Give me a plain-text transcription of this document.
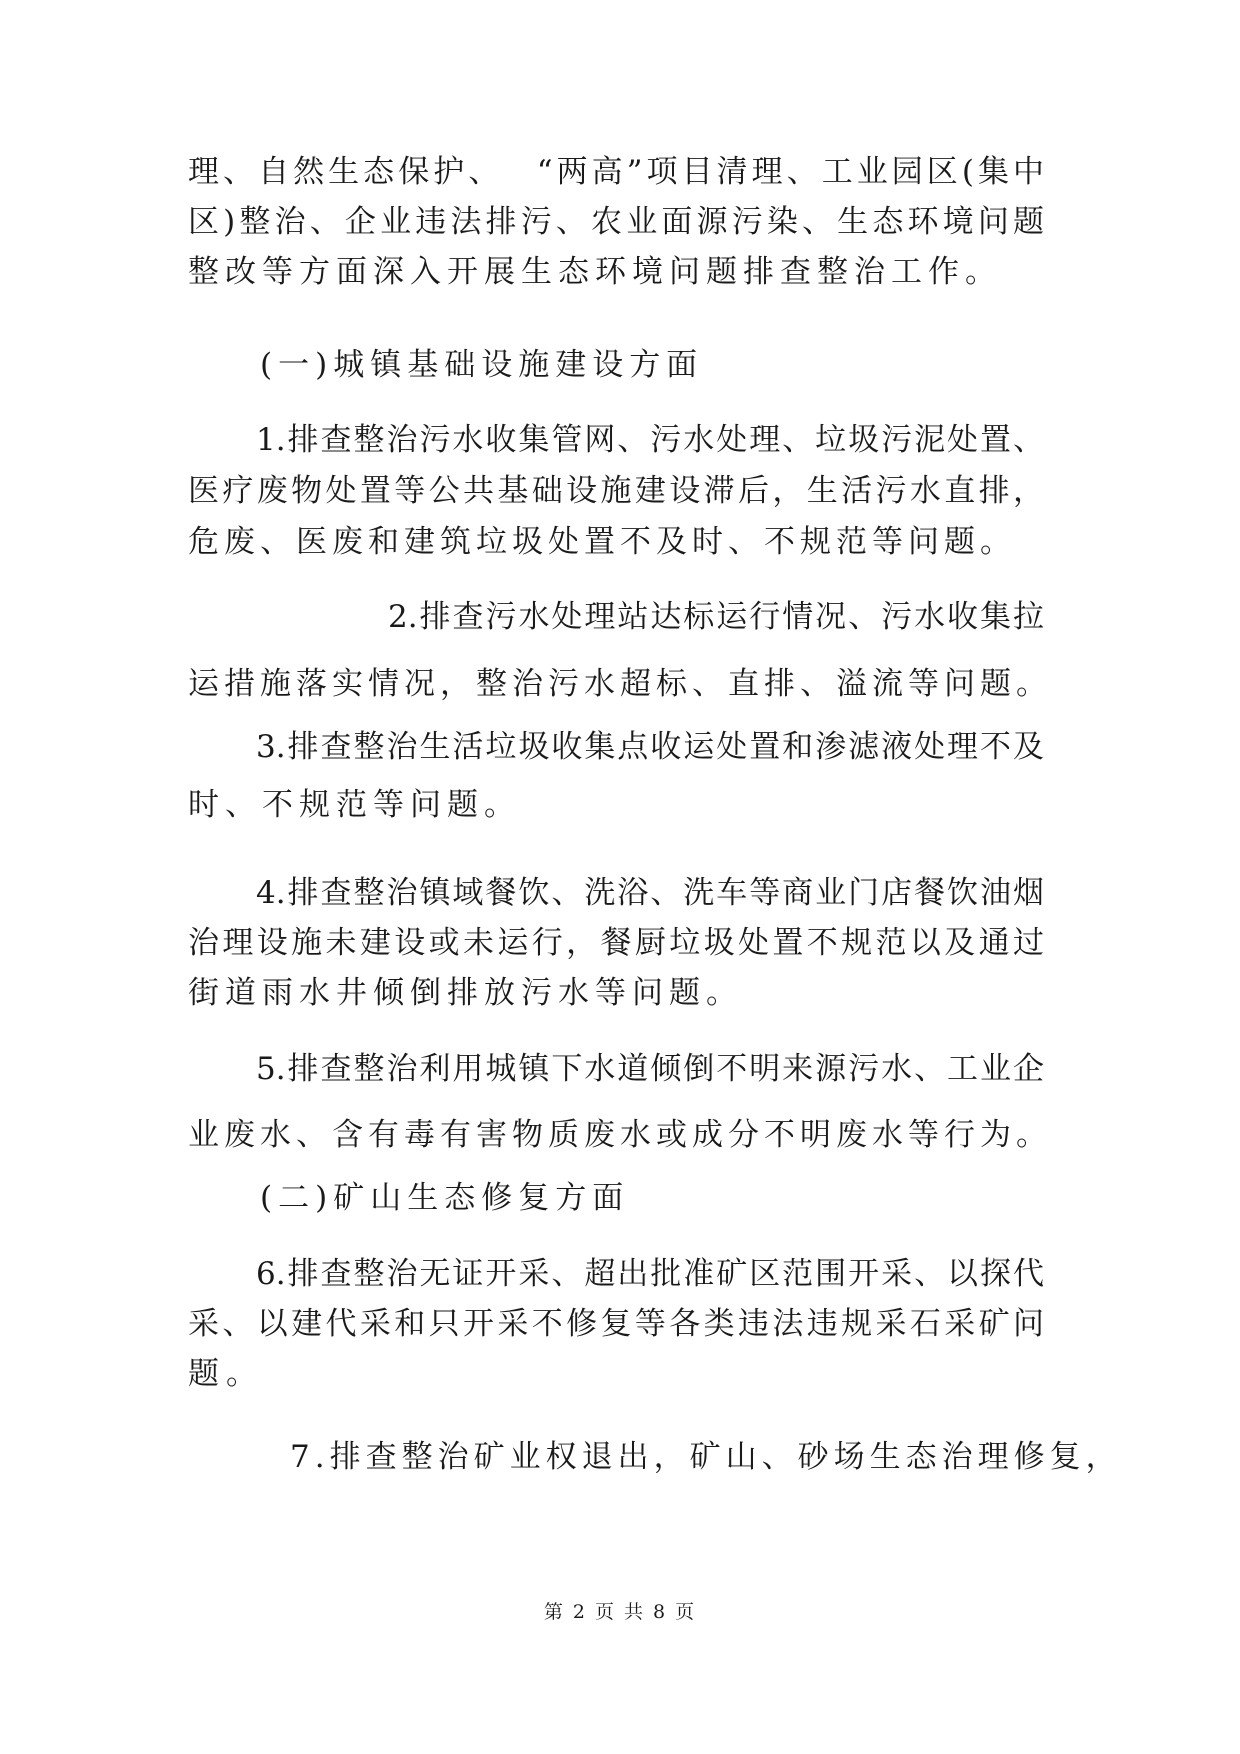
理、自然生态保护、　 “两高”项目清理、工业园区(集中
区)整治、企业违法排污、农业面源污染、生态环境问题
整改等方面深入开展生态环境问题排查整治工作。
(一)城镇基础设施建设方面
1.排查整治污水收集管网、污水处理、垃圾污泥处置、
医疗废物处置等公共基础设施建设滞后，生活污水直排，
危废、医废和建筑垃圾处置不及时、不规范等问题。
2.排查污水处理站达标运行情况、污水收集拉
运措施落实情况，整治污水超标、直排、溢流等问题。
3.排查整治生活垃圾收集点收运处置和渗滤液处理不及
时、不规范等问题。
4.排查整治镇域餐饮、洗浴、洗车等商业门店餐饮油烟
治理设施未建设或未运行，餐厨垃圾处置不规范以及通过
街道雨水井倾倒排放污水等问题。
5.排查整治利用城镇下水道倾倒不明来源污水、工业企
业废水、含有毒有害物质废水或成分不明废水等行为。
(二)矿山生态修复方面
6.排查整治无证开采、超出批准矿区范围开采、以探代
采、以建代采和只开采不修复等各类违法违规采石采矿问
题。
7.排查整治矿业权退出，矿山、砂场生态治理修复，
第 2 页 共 8 页
